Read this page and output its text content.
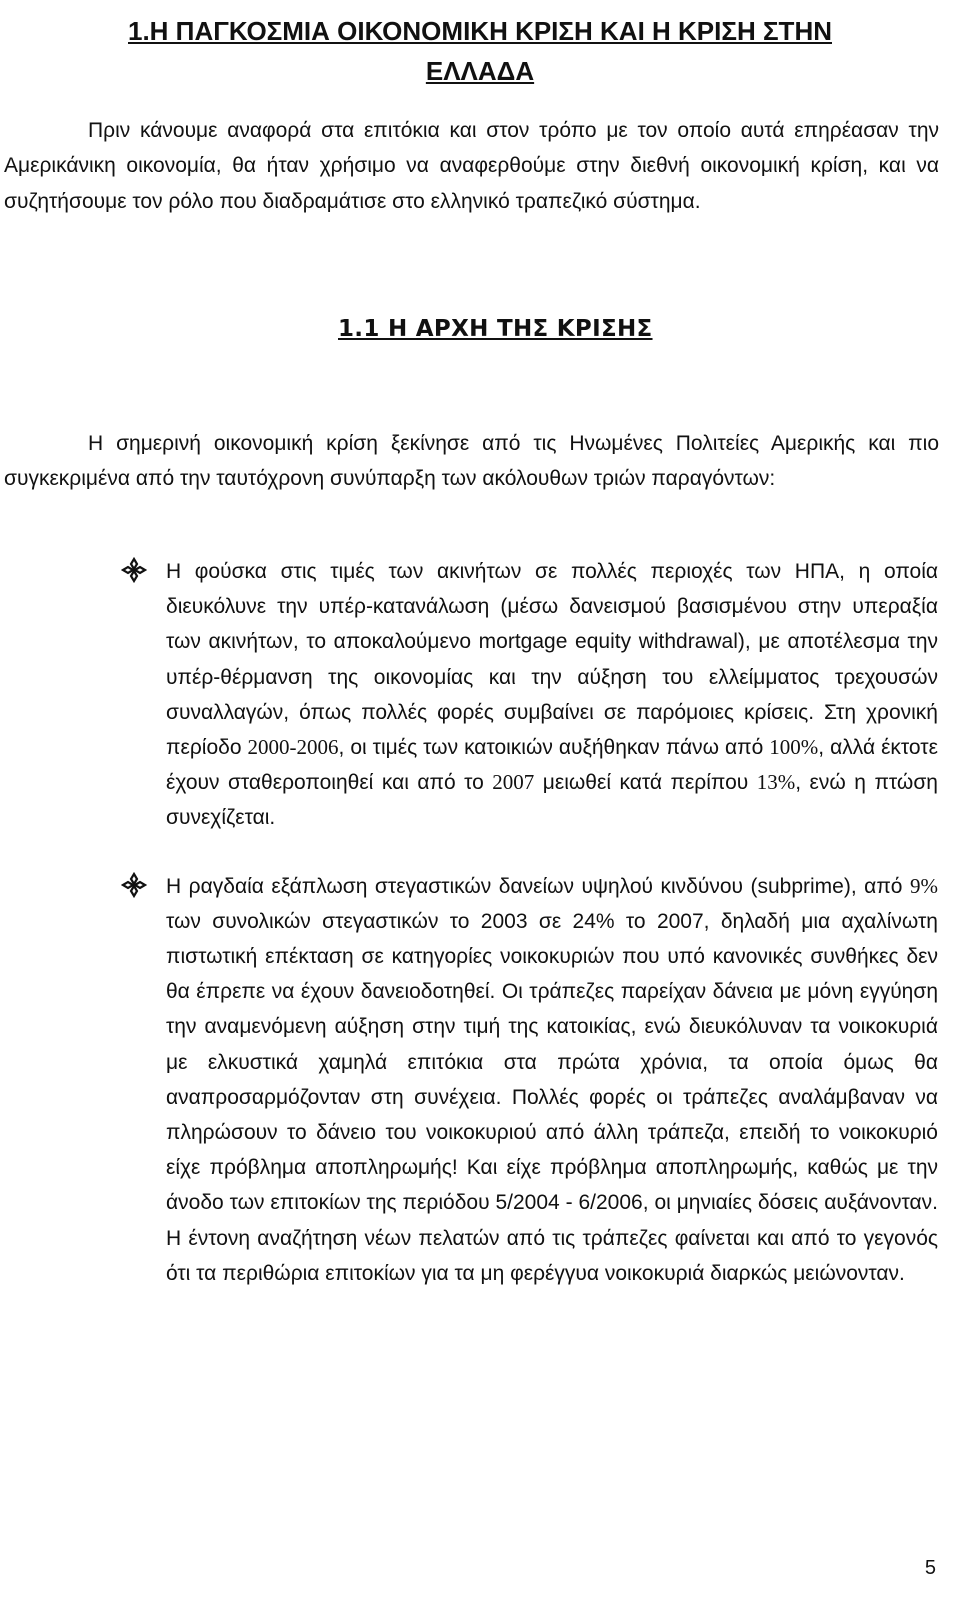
1.Η ΠΑΓΚΟΣΜΙΑ ΟΙΚΟΝΟΜΙΚΗ ΚΡΙΣΗ ΚΑΙ Η ΚΡΙΣΗ ΣΤΗΝ
ΕΛΛΑΔΑ
Πριν κάνουμε αναφορά στα επιτόκια και στον τρόπο με τον οποίο αυτά επηρέασαν την Αμερικάνικη οικονομία, θα ήταν χρήσιμο να αναφερθούμε στην διεθνή οικονομική κρίση, και να συζητήσουμε τον ρόλο που διαδραμάτισε στο ελληνικό τραπεζικό σύστημα.
1.1 Η ΑΡΧΗ ΤΗΣ ΚΡΙΣΗΣ
Η σημερινή οικονομική κρίση ξεκίνησε από τις Ηνωμένες Πολιτείες Αμερικής και πιο συγκεκριμένα από την ταυτόχρονη συνύπαρξη των ακόλουθων τριών παραγόντων:
Η φούσκα στις τιμές των ακινήτων σε πολλές περιοχές των ΗΠΑ, η οποία διευκόλυνε την υπέρ-κατανάλωση (μέσω δανεισμού βασισμένου στην υπεραξία των ακινήτων, το αποκαλούμενο mortgage equity withdrawal), με αποτέλεσμα την υπέρ-θέρμανση της οικονομίας και την αύξηση του ελλείμματος τρεχουσών συναλλαγών, όπως πολλές φορές συμβαίνει σε παρόμοιες κρίσεις. Στη χρονική περίοδο 2000-2006, οι τιμές των κατοικιών αυξήθηκαν πάνω από 100%, αλλά έκτοτε έχουν σταθεροποιηθεί και από το 2007 μειωθεί κατά περίπου 13%, ενώ η πτώση συνεχίζεται.
Η ραγδαία εξάπλωση στεγαστικών δανείων υψηλού κινδύνου (subprime), από 9% των συνολικών στεγαστικών το 2003 σε 24% το 2007, δηλαδή μια αχαλίνωτη πιστωτική επέκταση σε κατηγορίες νοικοκυριών που υπό κανονικές συνθήκες δεν θα έπρεπε να έχουν δανειοδοτηθεί. Οι τράπεζες παρείχαν δάνεια με μόνη εγγύηση την αναμενόμενη αύξηση στην τιμή της κατοικίας, ενώ διευκόλυναν τα νοικοκυριά με ελκυστικά χαμηλά επιτόκια στα πρώτα χρόνια, τα οποία όμως θα αναπροσαρμόζονταν στη συνέχεια. Πολλές φορές οι τράπεζες αναλάμβαναν να πληρώσουν το δάνειο του νοικοκυριού από άλλη τράπεζα, επειδή το νοικοκυριό είχε πρόβλημα αποπληρωμής! Και είχε πρόβλημα αποπληρωμής, καθώς με την άνοδο των επιτοκίων της περιόδου 5/2004 - 6/2006, οι μηνιαίες δόσεις αυξάνονταν. Η έντονη αναζήτηση νέων πελατών από τις τράπεζες φαίνεται και από το γεγονός ότι τα περιθώρια επιτοκίων για τα μη φερέγγυα νοικοκυριά διαρκώς μειώνονταν.
5
